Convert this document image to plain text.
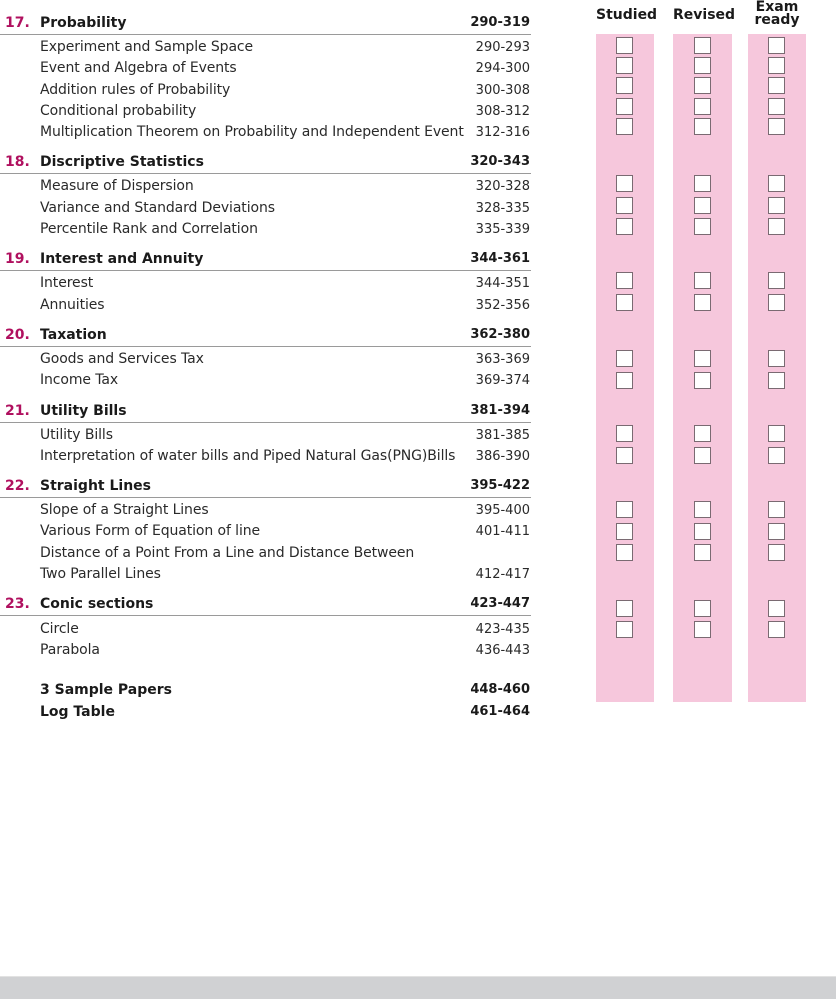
17. Probability	290-319
Experiment and Sample Space	290-293
Event and Algebra of Events	294-300
Addition rules of Probability	300-308
Conditional probability	308-312
Multiplication Theorem on Probability and Independent Event 312-316
18. Discriptive Statistics	320-343
Measure of Dispersion	320-328
Variance and Standard Deviations	328-335
Percentile Rank and Correlation	335-339
19. Interest and Annuity	344-361
Interest	344-351
Annuities	352-356
20. Taxation	362-380
Goods and Services Tax	363-369
Income Tax	369-374
21. Utility Bills	381-394
Utility Bills	381-385
Interpretation of water bills and Piped Natural Gas(PNG)Bills 386-390
22. Straight Lines	395-422
Slope of a Straight Lines	395-400
Various Form of Equation of line	401-411
Distance of a Point From a Line and Distance Between
Two Parallel Lines	412-417
23. Conic sections	423-447
Circle	423-435
Parabola	436-443
3 Sample Papers	448-460
Log Table	461-464
Studied Revised	Exam ready
